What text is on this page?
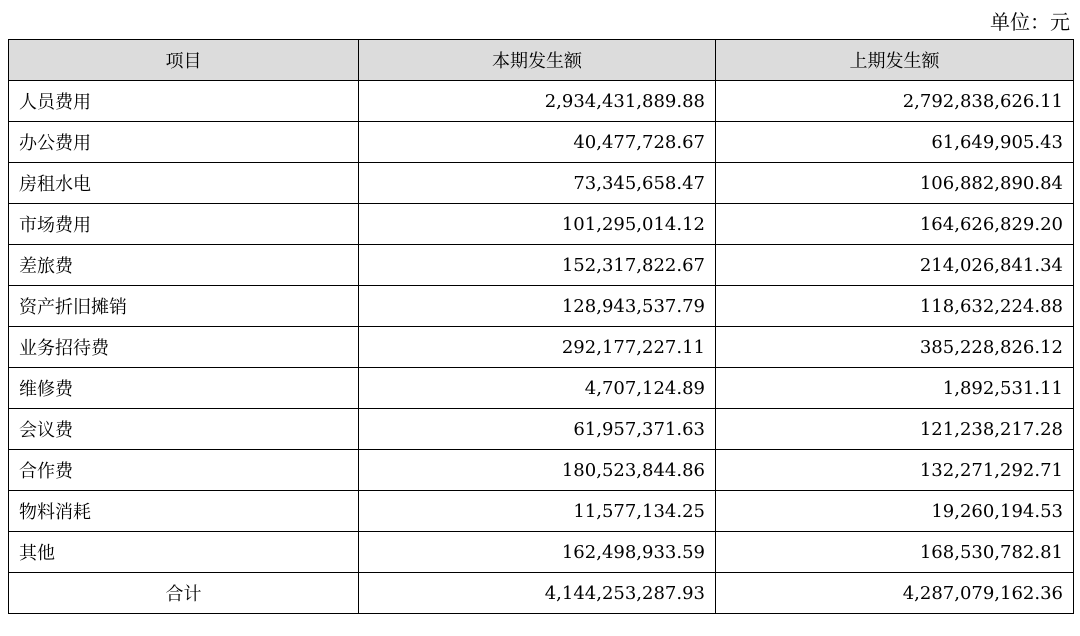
单位：元
项目	本期发生额	上期发生额
人员费用	2,934,431,889.88	2,792,838,626.11
办公费用	40,477,728.67	61,649,905.43
房租水电	73,345,658.47	106,882,890.84
市场费用	101,295,014.12	164,626,829.20
差旅费	152,317,822.67	214,026,841.34
资产折旧摊销	128,943,537.79	118,632,224.88
业务招待费	292,177,227.11	385,228,826.12
维修费	4,707,124.89	1,892,531.11
会议费	61,957,371.63	121,238,217.28
合作费	180,523,844.86	132,271,292.71
物料消耗	11,577,134.25	19,260,194.53
其他	162,498,933.59	168,530,782.81
合计	4,144,253,287.93	4,287,079,162.36
